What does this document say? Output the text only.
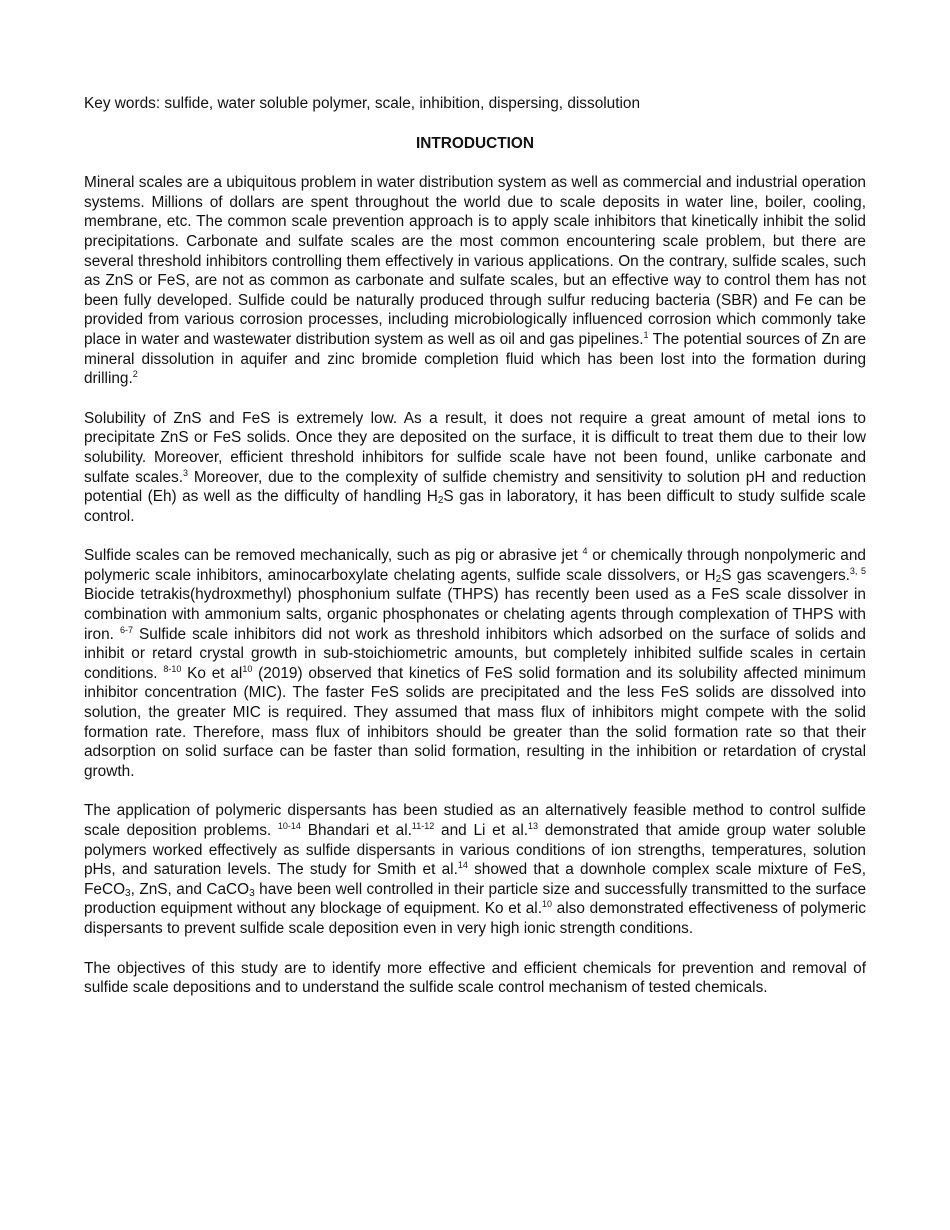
Key words: sulfide, water soluble polymer, scale, inhibition, dispersing, dissolution

INTRODUCTION

Mineral scales are a ubiquitous problem in water distribution system as well as commercial and industrial operation systems. Millions of dollars are spent throughout the world due to scale deposits in water line, boiler, cooling, membrane, etc. The common scale prevention approach is to apply scale inhibitors that kinetically inhibit the solid precipitations. Carbonate and sulfate scales are the most common encountering scale problem, but there are several threshold inhibitors controlling them effectively in various applications. On the contrary, sulfide scales, such as ZnS or FeS, are not as common as carbonate and sulfate scales, but an effective way to control them has not been fully developed. Sulfide could be naturally produced through sulfur reducing bacteria (SBR) and Fe can be provided from various corrosion processes, including microbiologically influenced corrosion which commonly take place in water and wastewater distribution system as well as oil and gas pipelines.$^1$ The potential sources of Zn are mineral dissolution in aquifer and zinc bromide completion fluid which has been lost into the formation during drilling.$^2$

Solubility of ZnS and FeS is extremely low. As a result, it does not require a great amount of metal ions to precipitate ZnS or FeS solids. Once they are deposited on the surface, it is difficult to treat them due to their low solubility. Moreover, efficient threshold inhibitors for sulfide scale have not been found, unlike carbonate and sulfate scales.$^3$ Moreover, due to the complexity of sulfide chemistry and sensitivity to solution pH and reduction potential (Eh) as well as the difficulty of handling $H_2S$ gas in laboratory, it has been difficult to study sulfide scale control.

Sulfide scales can be removed mechanically, such as pig or abrasive jet $^4$ or chemically through nonpolymeric and polymeric scale inhibitors, aminocarboxylate chelating agents, sulfide scale dissolvers, or $H_2S$ gas scavengers.$^{3, 5}$ Biocide tetrakis(hydroxmethyl) phosphonium sulfate (THPS) has recently been used as a FeS scale dissolver in combination with ammonium salts, organic phosphonates or chelating agents through complexation of THPS with iron. $^{6-7}$ Sulfide scale inhibitors did not work as threshold inhibitors which adsorbed on the surface of solids and inhibit or retard crystal growth in sub-stoichiometric amounts, but completely inhibited sulfide scales in certain conditions. $^{8-10}$ Ko et $al^{10}$ (2019) observed that kinetics of FeS solid formation and its solubility affected minimum inhibitor concentration (MIC). The faster FeS solids are precipitated and the less FeS solids are dissolved into solution, the greater MIC is required. They assumed that mass flux of inhibitors might compete with the solid formation rate. Therefore, mass flux of inhibitors should be greater than the solid formation rate so that their adsorption on solid surface can be faster than solid formation, resulting in the inhibition or retardation of crystal growth.

The application of polymeric dispersants has been studied as an alternatively feasible method to control sulfide scale deposition problems. $^{10-14}$ Bhandari et al.$^{11-12}$ and Li et al.$^{13}$ demonstrated that amide group water soluble polymers worked effectively as sulfide dispersants in various conditions of ion strengths, temperatures, solution pHs, and saturation levels. The study for Smith et al.$^{14}$ showed that a downhole complex scale mixture of FeS, FeCO$_3$, ZnS, and CaCO$_3$ have been well controlled in their particle size and successfully transmitted to the surface production equipment without any blockage of equipment. Ko et al.$^{10}$ also demonstrated effectiveness of polymeric dispersants to prevent sulfide scale deposition even in very high ionic strength conditions.

The objectives of this study are to identify more effective and efficient chemicals for prevention and removal of sulfide scale depositions and to understand the sulfide scale control mechanism of tested chemicals.
